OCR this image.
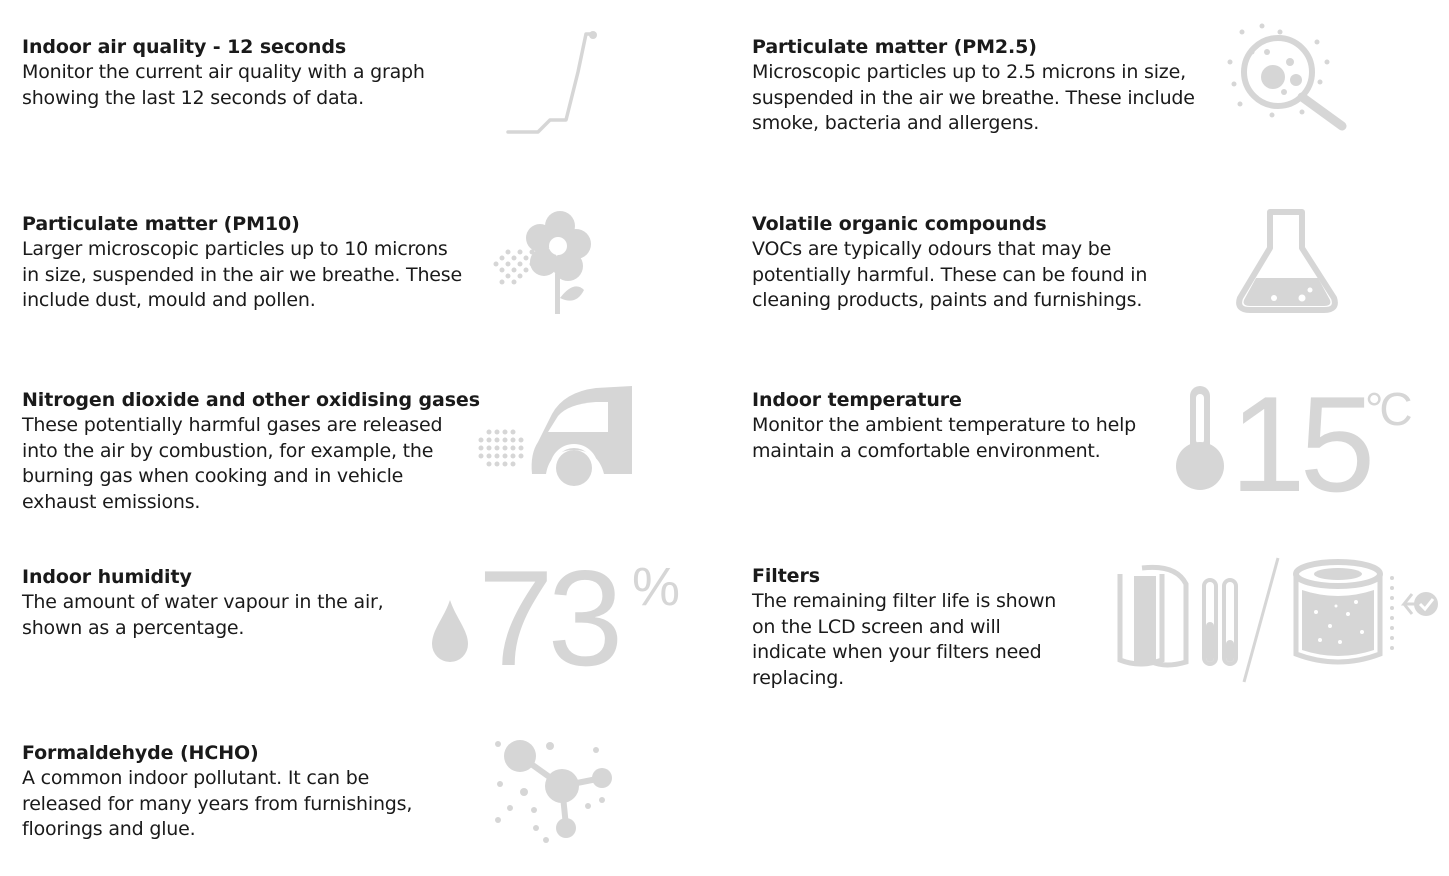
Indoor air quality - 12 seconds

Monitor the current air quality with a graph
showing the last 12 seconds of data.

Particulate matter (PM10)

Larger microscopic particles up to 10 microns
in size, suspended in the air we breathe. These
include dust, mould and pollen.

Nitrogen dioxide and other oxidising gases

These potentially harmful gases are released
into the air by combustion, for example, the
burning gas when cooking and in vehicle
exhaust emissions.

Indoor humidity

The amount of water vapour in the air,
shown as a percentage.

Formaldehyde (HCHO)

A common indoor pollutant. It can be
released for many years from furnishings,
floorings and glue.

Particulate matter (PM2.5)

Microscopic particles up to 2.5 microns in size,
suspended in the air we breathe. These include
smoke, bacteria and allergens.

Volatile organic compounds

VOCs are typically odours that may be
potentially harmful. These can be found in
cleaning products, paints and furnishings.

Indoor temperature

Monitor the ambient temperature to help
maintain a comfortable environment.

Filters

The remaining filter life is shown
on the LCD screen and will
indicate when your filters need
replacing.

15
°C
73 %
